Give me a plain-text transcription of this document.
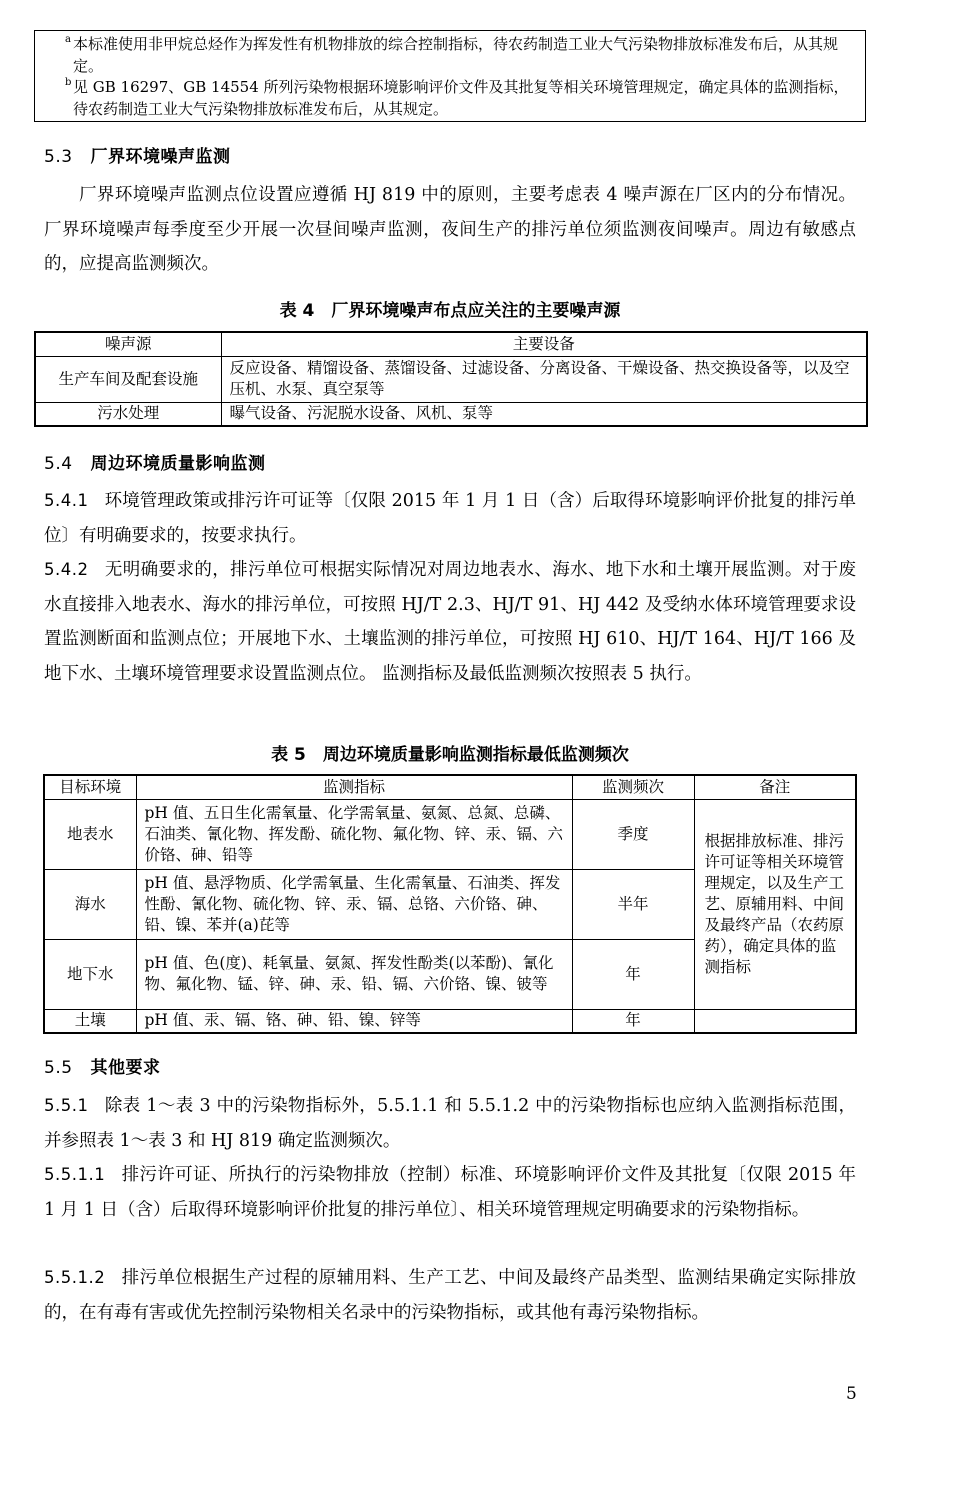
a 本标准使用非甲烷总烃作为挥发性有机物排放的综合控制指标，待农药制造工业大气污染物排放标准发布后，从其规定。
b 见 GB 16297、GB 14554 所列污染物根据环境影响评价文件及其批复等相关环境管理规定，确定具体的监测指标，待农药制造工业大气污染物排放标准发布后，从其规定。
5.3 厂界环境噪声监测
厂界环境噪声监测点位设置应遵循 HJ 819 中的原则，主要考虑表 4 噪声源在厂区内的分布情况。厂界环境噪声每季度至少开展一次昼间噪声监测，夜间生产的排污单位须监测夜间噪声。周边有敏感点的，应提高监测频次。
表 4　厂界环境噪声布点应关注的主要噪声源
噪声源	主要设备
生产车间及配套设施	反应设备、精馏设备、蒸馏设备、过滤设备、分离设备、干燥设备、热交换设备等，以及空压机、水泵、真空泵等
污水处理	曝气设备、污泥脱水设备、风机、泵等
5.4 周边环境质量影响监测
5.4.1 环境管理政策或排污许可证等〔仅限 2015 年 1 月 1 日（含）后取得环境影响评价批复的排污单位〕有明确要求的，按要求执行。
5.4.2 无明确要求的，排污单位可根据实际情况对周边地表水、海水、地下水和土壤开展监测。对于废水直接排入地表水、海水的排污单位，可按照 HJ/T 2.3、HJ/T 91、HJ 442 及受纳水体环境管理要求设置监测断面和监测点位；开展地下水、土壤监测的排污单位，可按照 HJ 610、HJ/T 164、HJ/T 166 及地下水、土壤环境管理要求设置监测点位。 监测指标及最低监测频次按照表 5 执行。
表 5　周边环境质量影响监测指标最低监测频次
目标环境	监测指标	监测频次	备注
地表水	pH 值、五日生化需氧量、化学需氧量、氨氮、总氮、总磷、石油类、氰化物、挥发酚、硫化物、氟化物、锌、汞、镉、六价铬、砷、铅等	季度	根据排放标准、排污许可证等相关环境管理规定，以及生产工艺、原辅用料、中间及最终产品（农药原药），确定具体的监测指标
海水	pH 值、悬浮物质、化学需氧量、生化需氧量、石油类、挥发性酚、氰化物、硫化物、锌、汞、镉、总铬、六价铬、砷、铅、镍、苯并(a)芘等	半年	
地下水	pH 值、色(度)、耗氧量、氨氮、挥发性酚类(以苯酚)、氰化物、氟化物、锰、锌、砷、汞、铅、镉、六价铬、镍、铍等	年	
土壤	pH 值、汞、镉、铬、砷、铅、镍、锌等	年	
5.5 其他要求
5.5.1 除表 1～表 3 中的污染物指标外，5.5.1.1 和 5.5.1.2 中的污染物指标也应纳入监测指标范围，并参照表 1～表 3 和 HJ 819 确定监测频次。
5.5.1.1 排污许可证、所执行的污染物排放（控制）标准、环境影响评价文件及其批复〔仅限 2015 年 1 月 1 日（含）后取得环境影响评价批复的排污单位〕、相关环境管理规定明确要求的污染物指标。
5.5.1.2 排污单位根据生产过程的原辅用料、生产工艺、中间及最终产品类型、监测结果确定实际排放的，在有毒有害或优先控制污染物相关名录中的污染物指标，或其他有毒污染物指标。
5
